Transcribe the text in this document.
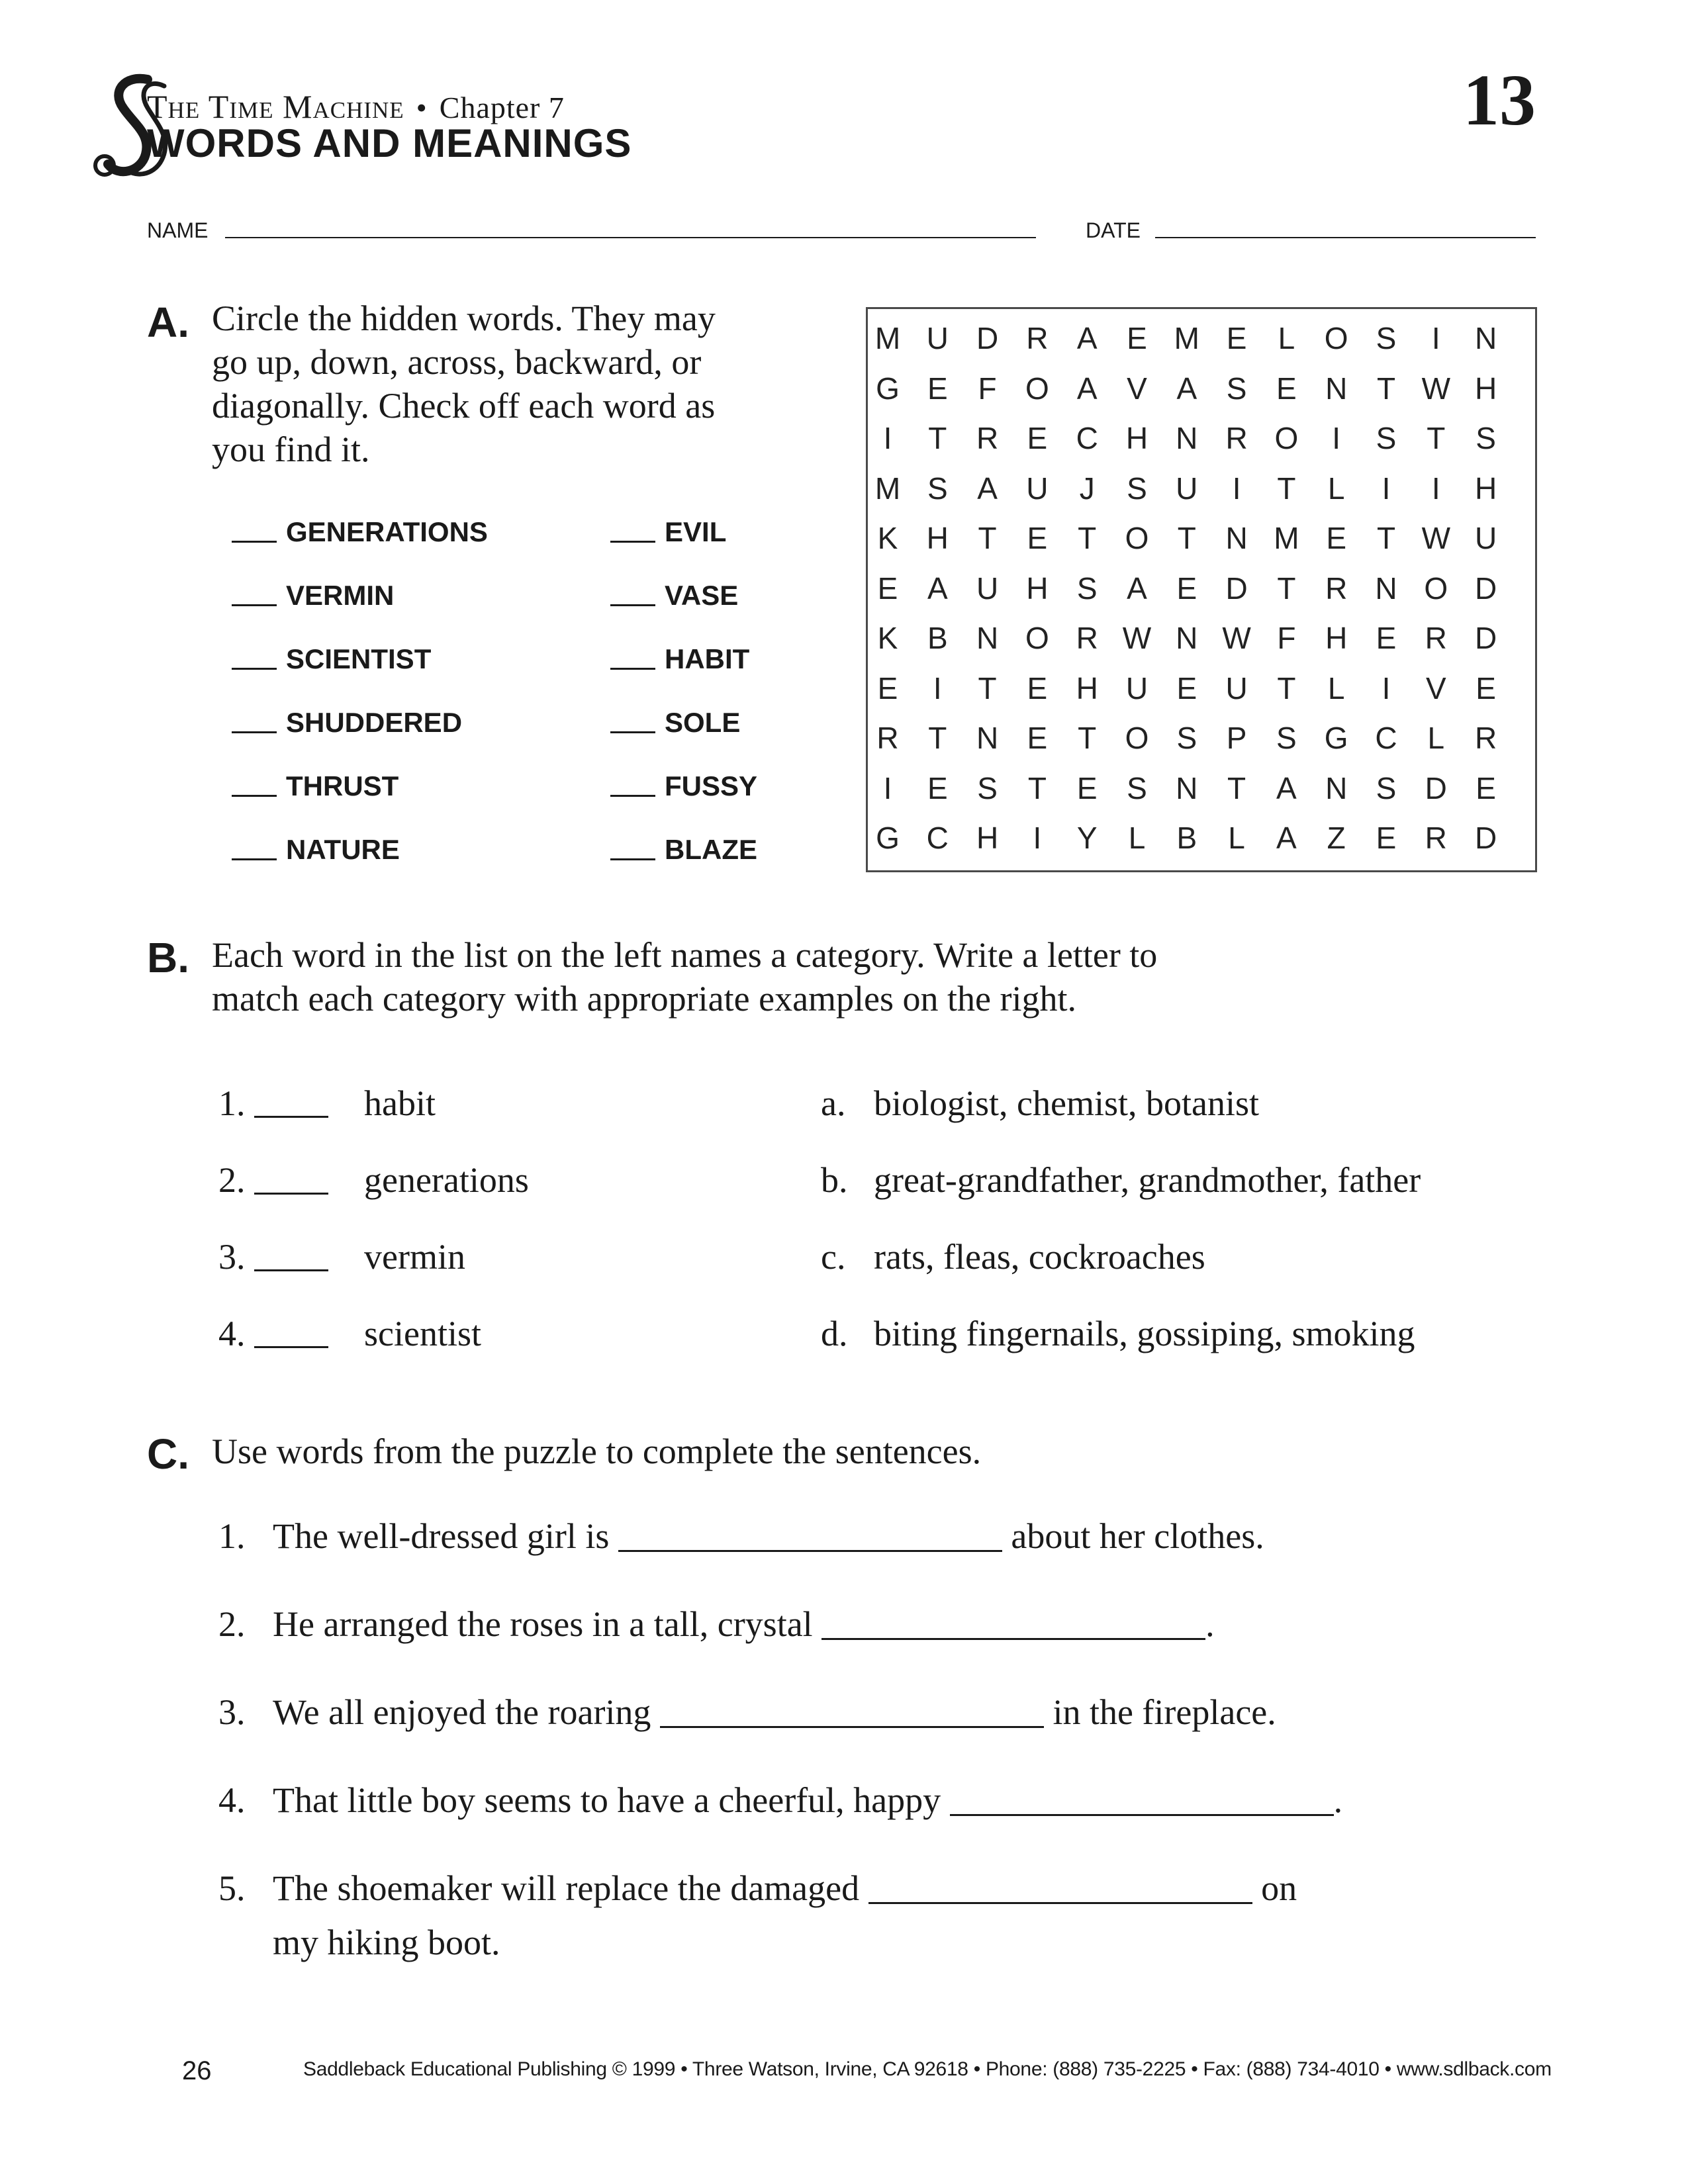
The Time Machine • Chapter 7
WORDS AND MEANINGS
13
NAME	DATE
A. Circle the hidden words. They may
go up, down, across, backward, or
diagonally. Check off each word as
you find it.
GENERATIONS
VERMIN
SCIENTIST
SHUDDERED
THRUST
NATURE
EVIL
VASE
HABIT
SOLE
FUSSY
BLAZE
M U D R A E M E	L O S	I	N
G E F O A V A S E N T W H
I	T R E C H N R O	I	S T S
M S A U	J	S U	I	T	L	I	I	H
K H T E T O T N M E T W U
E A U H S A E D T R N O D
K B N O R W N W F H E R D
E	I	T E H U E U T	L	I	V E
R T N E T O S P S G C L R
I	E S T E S N T A N S D E
G C H	I	Y	L	B	L	A Z E R D
B. Each word in the list on the left names a category. Write a letter to
match each category with appropriate examples on the right.
1.	habit
2.	generations
3.	vermin
4.	scientist
a. biologist, chemist, botanist
b. great-grandfather, grandmother, father
c. rats, fleas, cockroaches
d. biting fingernails, gossiping, smoking
C. Use words from the puzzle to complete the sentences.
1. The well-dressed girl is	about her clothes.
2. He arranged the roses in a tall, crystal	.
3. We all enjoyed the roaring	in the fireplace.
4. That little boy seems to have a cheerful, happy	.
5. The shoemaker will replace the damaged	on
my hiking boot.
26	Saddleback Educational Publishing © 1999 • Three Watson, Irvine, CA 92618 • Phone: (888) 735-2225 • Fax: (888) 734-4010 • www.sdlback.com
